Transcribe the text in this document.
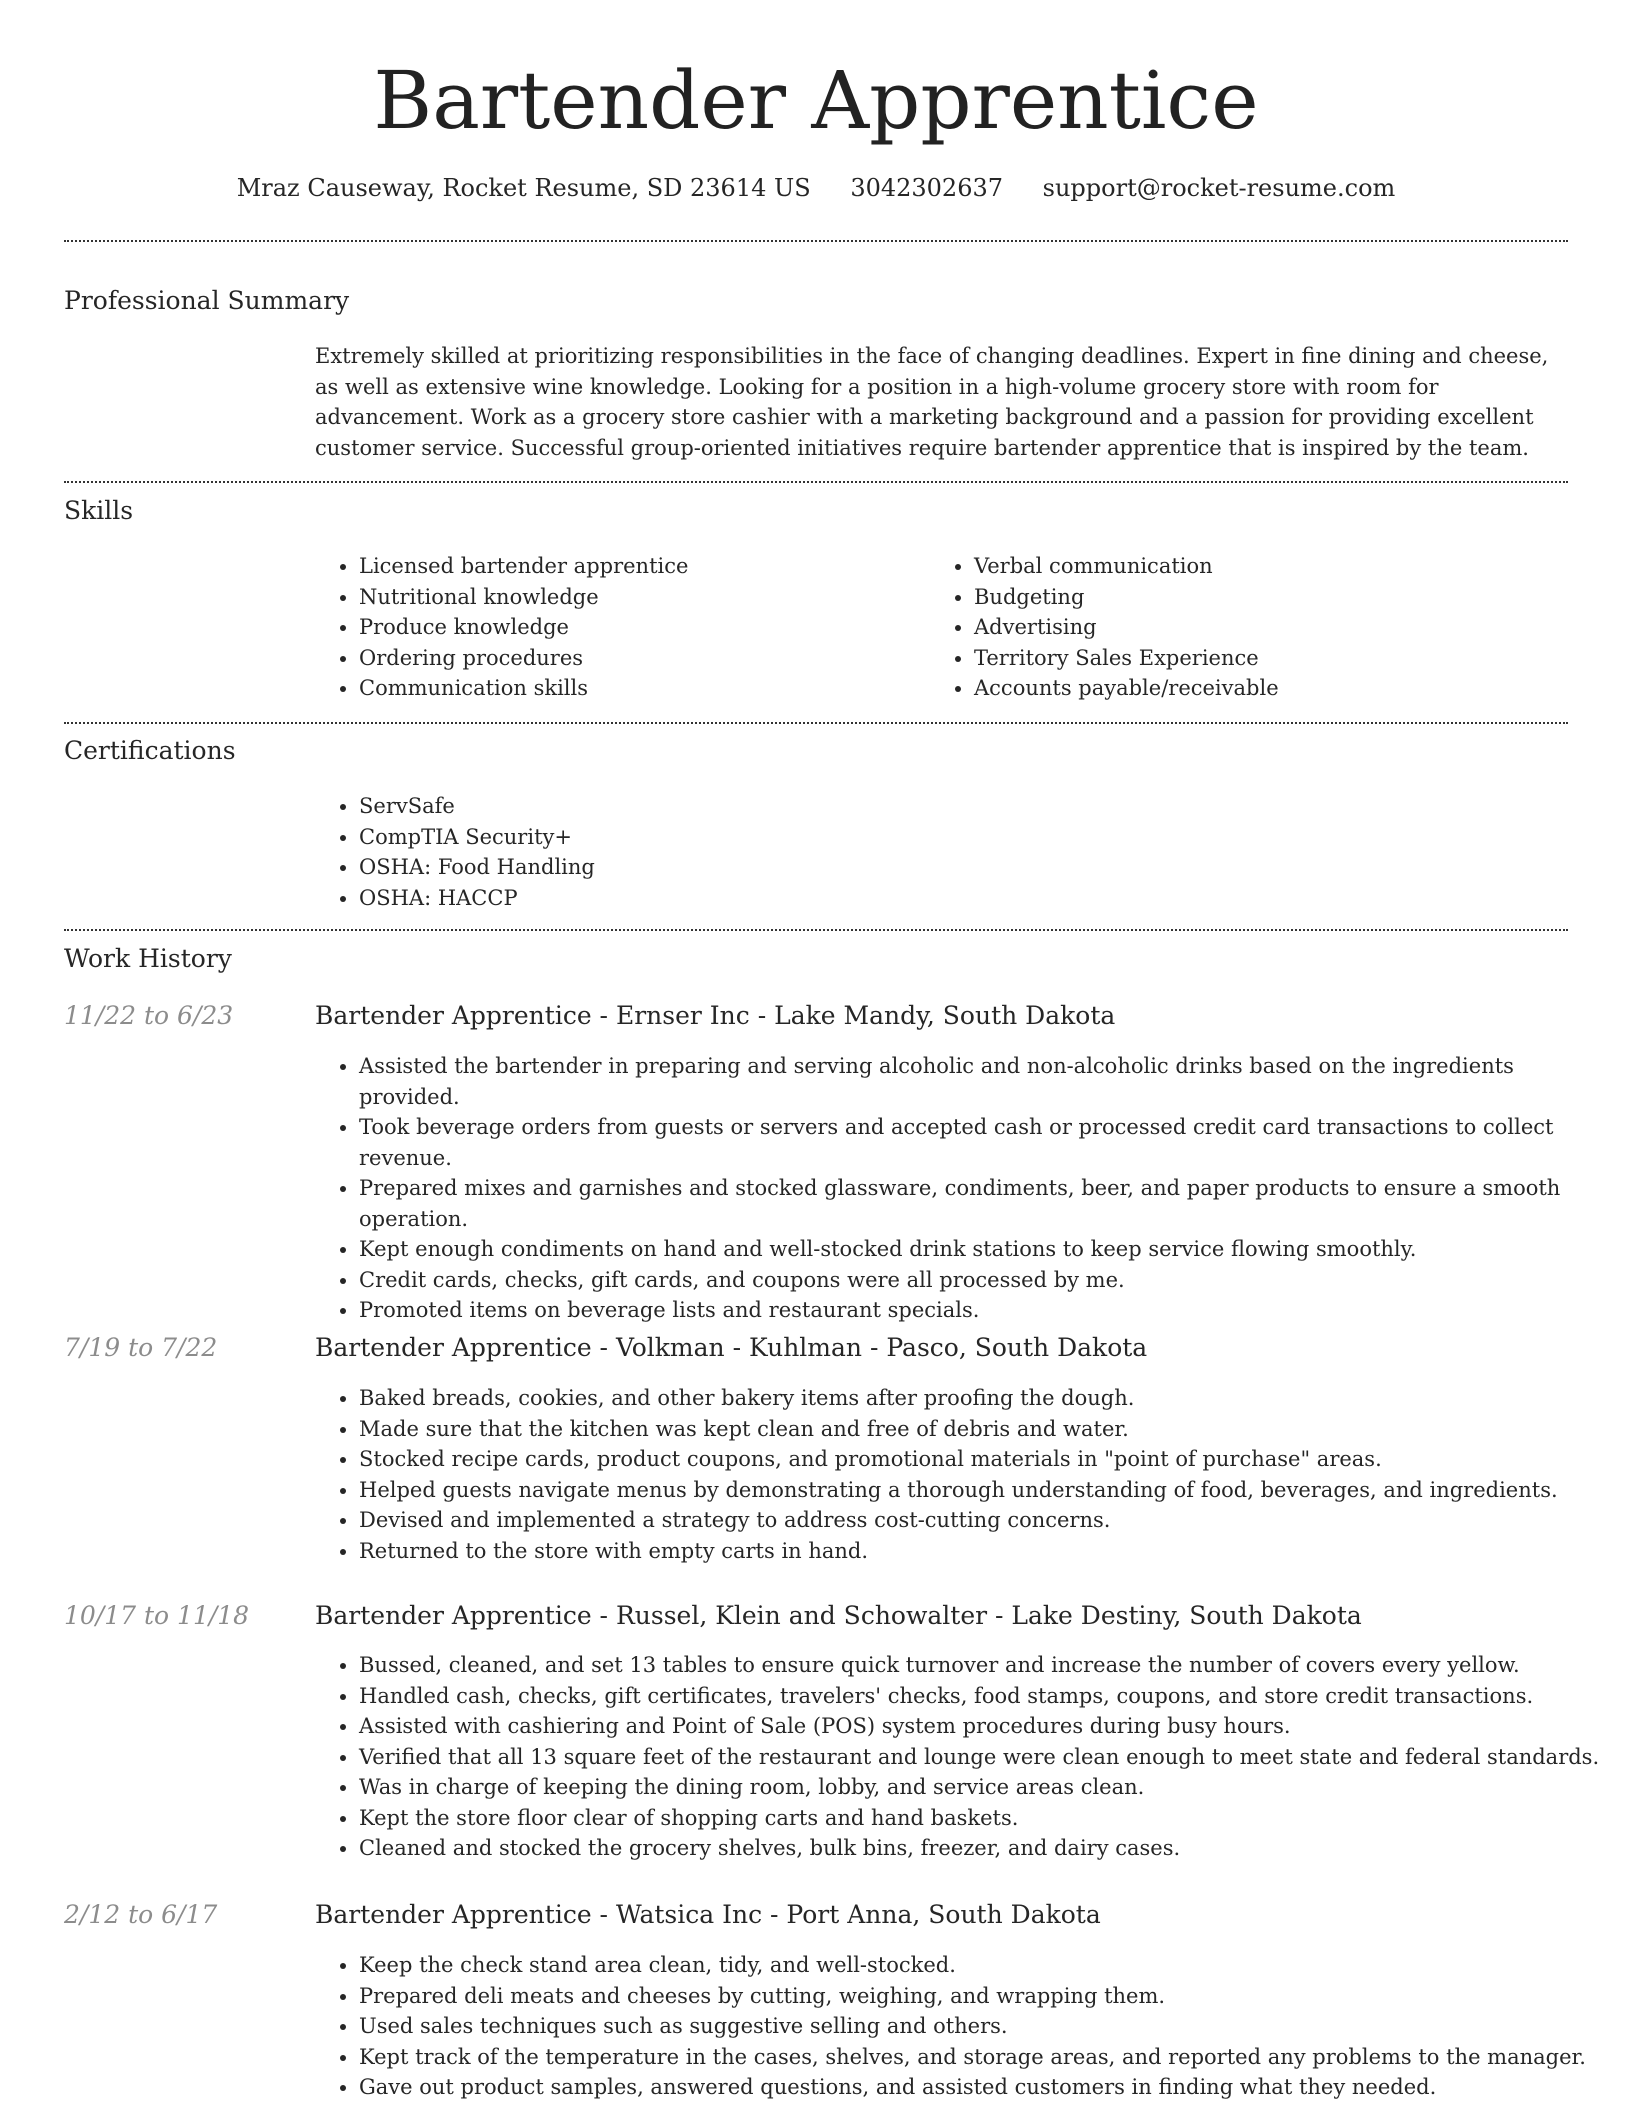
Bartender Apprentice
Mraz Causeway, Rocket Resume, SD 23614 US 3042302637 support@rocket-resume.com
Professional Summary

Extremely skilled at prioritizing responsibilities in the face of changing deadlines. Expert in fine dining and cheese, as well as extensive wine knowledge. Looking for a position in a high-volume grocery store with room for advancement. Work as a grocery store cashier with a marketing background and a passion for providing excellent customer service. Successful group-oriented initiatives require bartender apprentice that is inspired by the team.

Skills
• Licensed bartender apprentice
• Nutritional knowledge
• Produce knowledge
• Ordering procedures
• Communication skills
• Verbal communication
• Budgeting
• Advertising
• Territory Sales Experience
• Accounts payable/receivable
Certifications
• ServSafe
• CompTIA Security+
• OSHA: Food Handling
• OSHA: HACCP
Work History
11/22 to 6/23	Bartender Apprentice - Ernser Inc - Lake Mandy, South Dakota
• Assisted the bartender in preparing and serving alcoholic and non-alcoholic drinks based on the ingredients provided.
• Took beverage orders from guests or servers and accepted cash or processed credit card transactions to collect revenue.
• Prepared mixes and garnishes and stocked glassware, condiments, beer, and paper products to ensure a smooth operation.
• Kept enough condiments on hand and well-stocked drink stations to keep service flowing smoothly.
• Credit cards, checks, gift cards, and coupons were all processed by me.
• Promoted items on beverage lists and restaurant specials.
7/19 to 7/22	Bartender Apprentice - Volkman - Kuhlman - Pasco, South Dakota
• Baked breads, cookies, and other bakery items after proofing the dough.
• Made sure that the kitchen was kept clean and free of debris and water.
• Stocked recipe cards, product coupons, and promotional materials in "point of purchase" areas.
• Helped guests navigate menus by demonstrating a thorough understanding of food, beverages, and ingredients.
• Devised and implemented a strategy to address cost-cutting concerns.
• Returned to the store with empty carts in hand.
10/17 to 11/18	Bartender Apprentice - Russel, Klein and Schowalter - Lake Destiny, South Dakota
• Bussed, cleaned, and set 13 tables to ensure quick turnover and increase the number of covers every yellow.
• Handled cash, checks, gift certificates, travelers' checks, food stamps, coupons, and store credit transactions.
• Assisted with cashiering and Point of Sale (POS) system procedures during busy hours.
• Verified that all 13 square feet of the restaurant and lounge were clean enough to meet state and federal standards.
• Was in charge of keeping the dining room, lobby, and service areas clean.
• Kept the store floor clear of shopping carts and hand baskets.
• Cleaned and stocked the grocery shelves, bulk bins, freezer, and dairy cases.
2/12 to 6/17	Bartender Apprentice - Watsica Inc - Port Anna, South Dakota
• Keep the check stand area clean, tidy, and well-stocked.
• Prepared deli meats and cheeses by cutting, weighing, and wrapping them.
• Used sales techniques such as suggestive selling and others.
• Kept track of the temperature in the cases, shelves, and storage areas, and reported any problems to the manager.
• Gave out product samples, answered questions, and assisted customers in finding what they needed.
